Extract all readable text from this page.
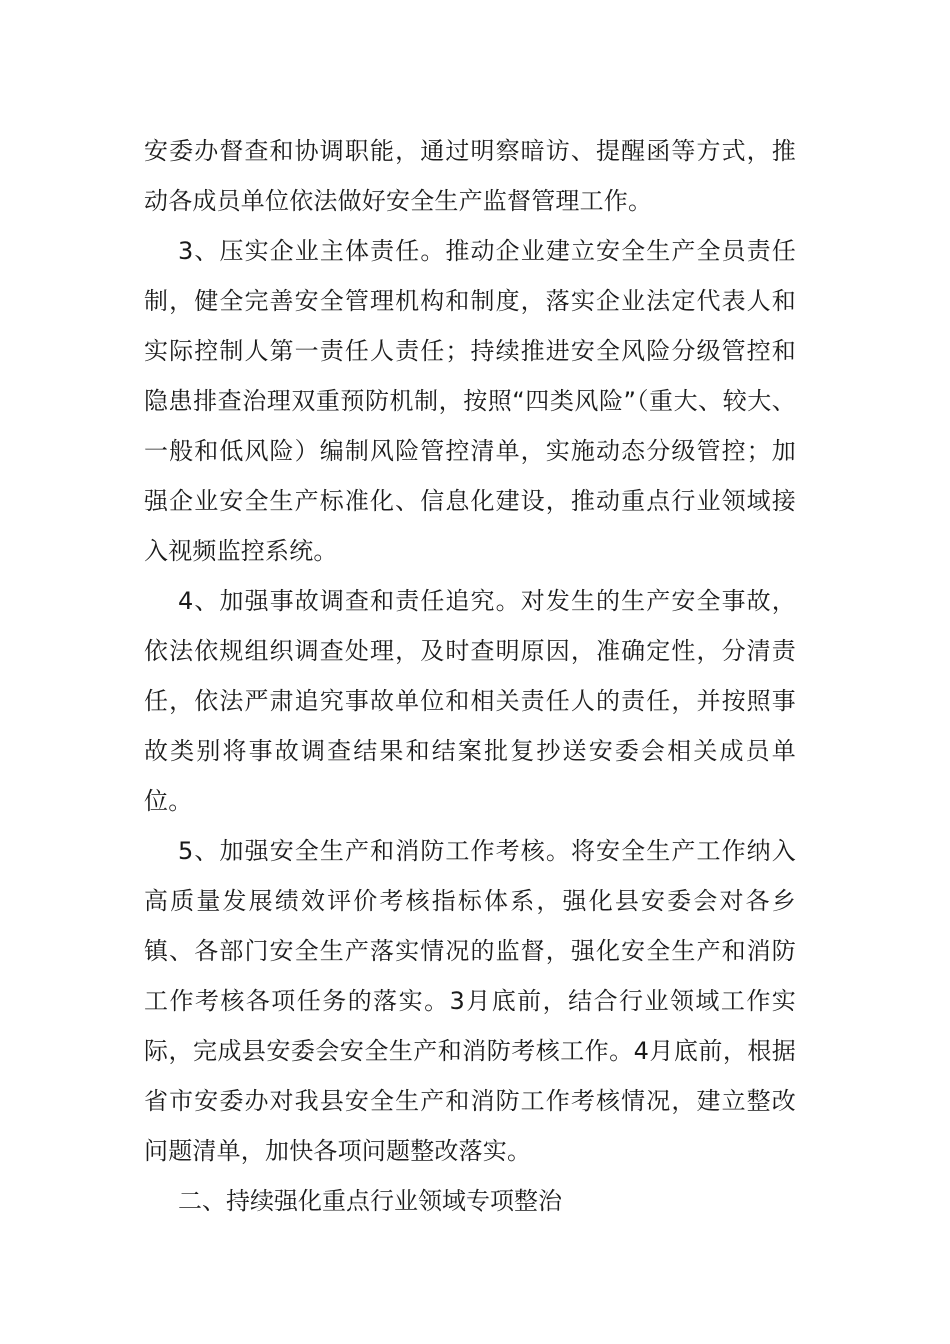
安委办督查和协调职能，通过明察暗访、提醒函等方式，推动各成员单位依法做好安全生产监督管理工作。

3、压实企业主体责任。推动企业建立安全生产全员责任制，健全完善安全管理机构和制度，落实企业法定代表人和实际控制人第一责任人责任；持续推进安全风险分级管控和隐患排查治理双重预防机制，按照“四类风险”（重大、较大、一般和低风险）编制风险管控清单，实施动态分级管控；加强企业安全生产标准化、信息化建设，推动重点行业领域接入视频监控系统。

4、加强事故调查和责任追究。对发生的生产安全事故，依法依规组织调查处理，及时查明原因，准确定性，分清责任，依法严肃追究事故单位和相关责任人的责任，并按照事故类别将事故调查结果和结案批复抄送安委会相关成员单位。

5、加强安全生产和消防工作考核。将安全生产工作纳入高质量发展绩效评价考核指标体系，强化县安委会对各乡镇、各部门安全生产落实情况的监督，强化安全生产和消防工作考核各项任务的落实。3月底前，结合行业领域工作实际，完成县安委会安全生产和消防考核工作。4月底前，根据省市安委办对我县安全生产和消防工作考核情况，建立整改问题清单，加快各项问题整改落实。

二、持续强化重点行业领域专项整治
